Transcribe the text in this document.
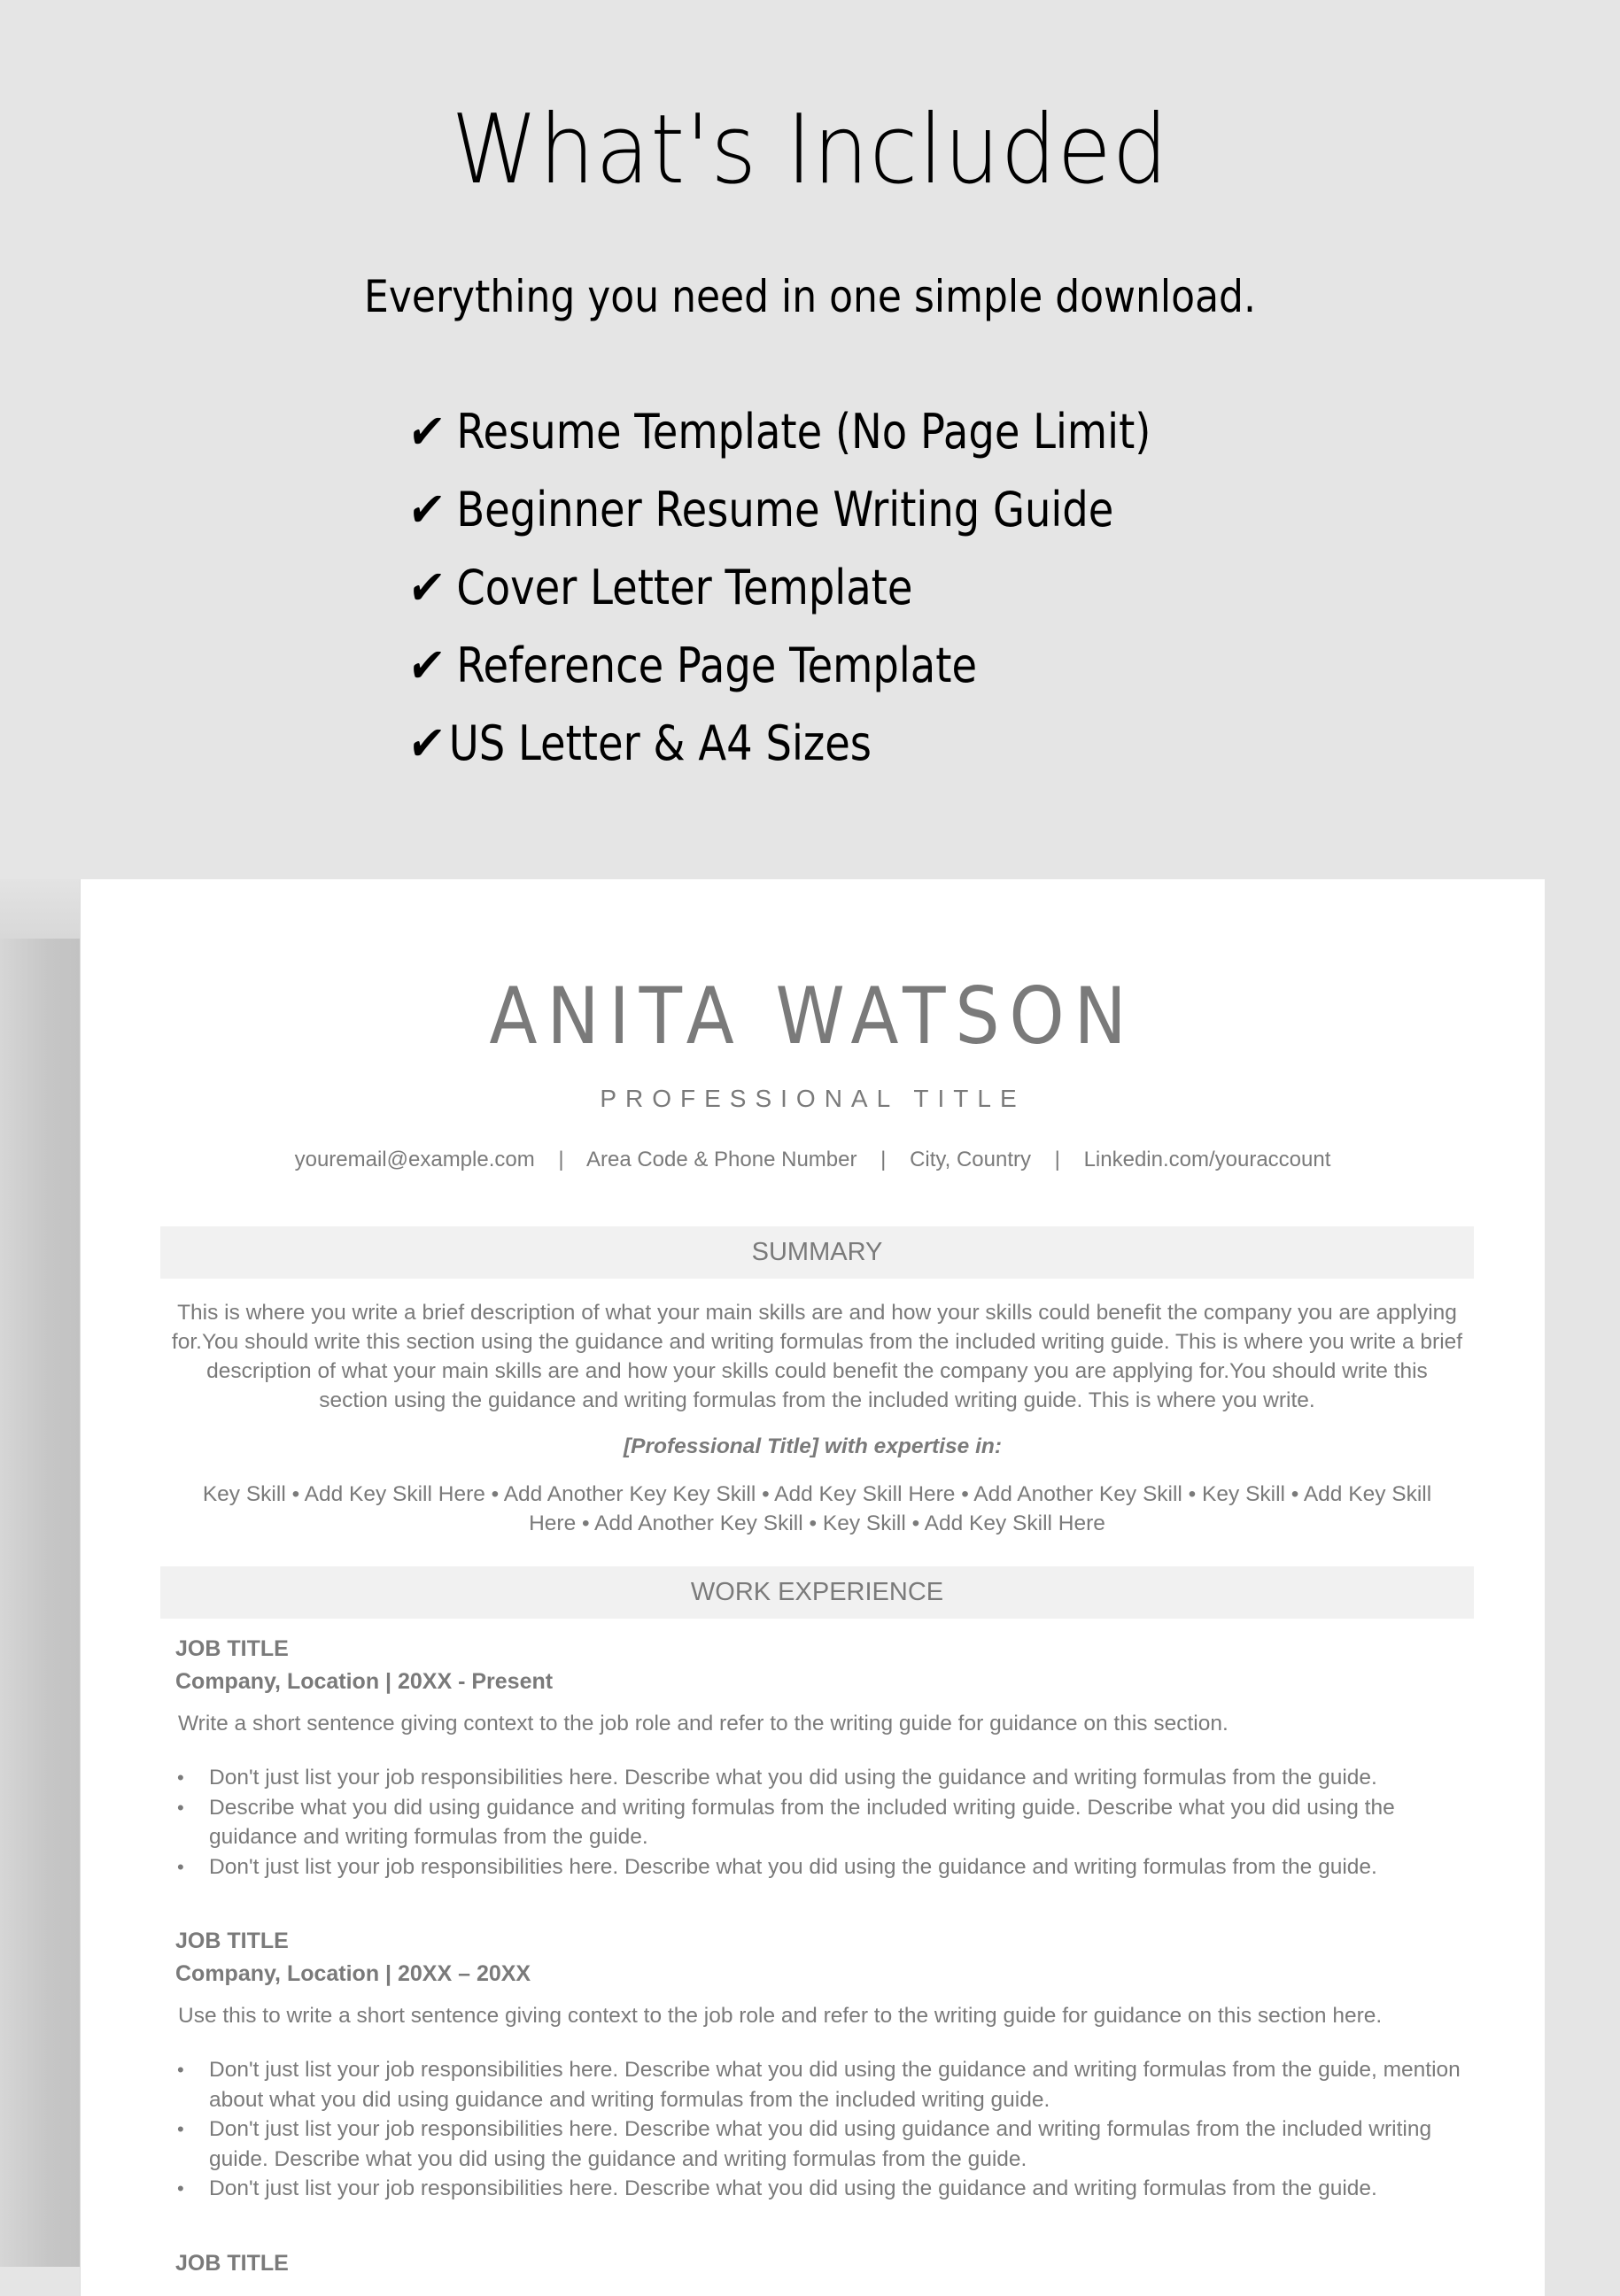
What's Included
Everything you need in one simple download.
✔ Resume Template (No Page Limit)
✔ Beginner Resume Writing Guide
✔ Cover Letter Template
✔ Reference Page Template
✔ US Letter & A4 Sizes
ANITA WATSON
PROFESSIONAL TITLE
youremail@example.com | Area Code & Phone Number | City, Country | Linkedin.com/youraccount
SUMMARY

This is where you write a brief description of what your main skills are and how your skills could benefit the company you are applying for.You should write this section using the guidance and writing formulas from the included writing guide. This is where you write a brief description of what your main skills are and how your skills could benefit the company you are applying for.You should write this section using the guidance and writing formulas from the included writing guide. This is where you write.

[Professional Title] with expertise in:

Key Skill • Add Key Skill Here • Add Another Key Key Skill • Add Key Skill Here • Add Another Key Skill • Key Skill • Add Key Skill Here • Add Another Key Skill • Key Skill • Add Key Skill Here

WORK EXPERIENCE
JOB TITLE
Company, Location | 20XX - Present
Write a short sentence giving context to the job role and refer to the writing guide for guidance on this section.
• Don't just list your job responsibilities here. Describe what you did using the guidance and writing formulas from the guide.
• Describe what you did using guidance and writing formulas from the included writing guide. Describe what you did using the guidance and writing formulas from the guide.
• Don't just list your job responsibilities here. Describe what you did using the guidance and writing formulas from the guide.
JOB TITLE
Company, Location | 20XX – 20XX
Use this to write a short sentence giving context to the job role and refer to the writing guide for guidance on this section here.
• Don't just list your job responsibilities here. Describe what you did using the guidance and writing formulas from the guide, mention about what you did using guidance and writing formulas from the included writing guide.
• Don't just list your job responsibilities here. Describe what you did using guidance and writing formulas from the included writing guide. Describe what you did using the guidance and writing formulas from the guide.
• Don't just list your job responsibilities here. Describe what you did using the guidance and writing formulas from the guide.
JOB TITLE
